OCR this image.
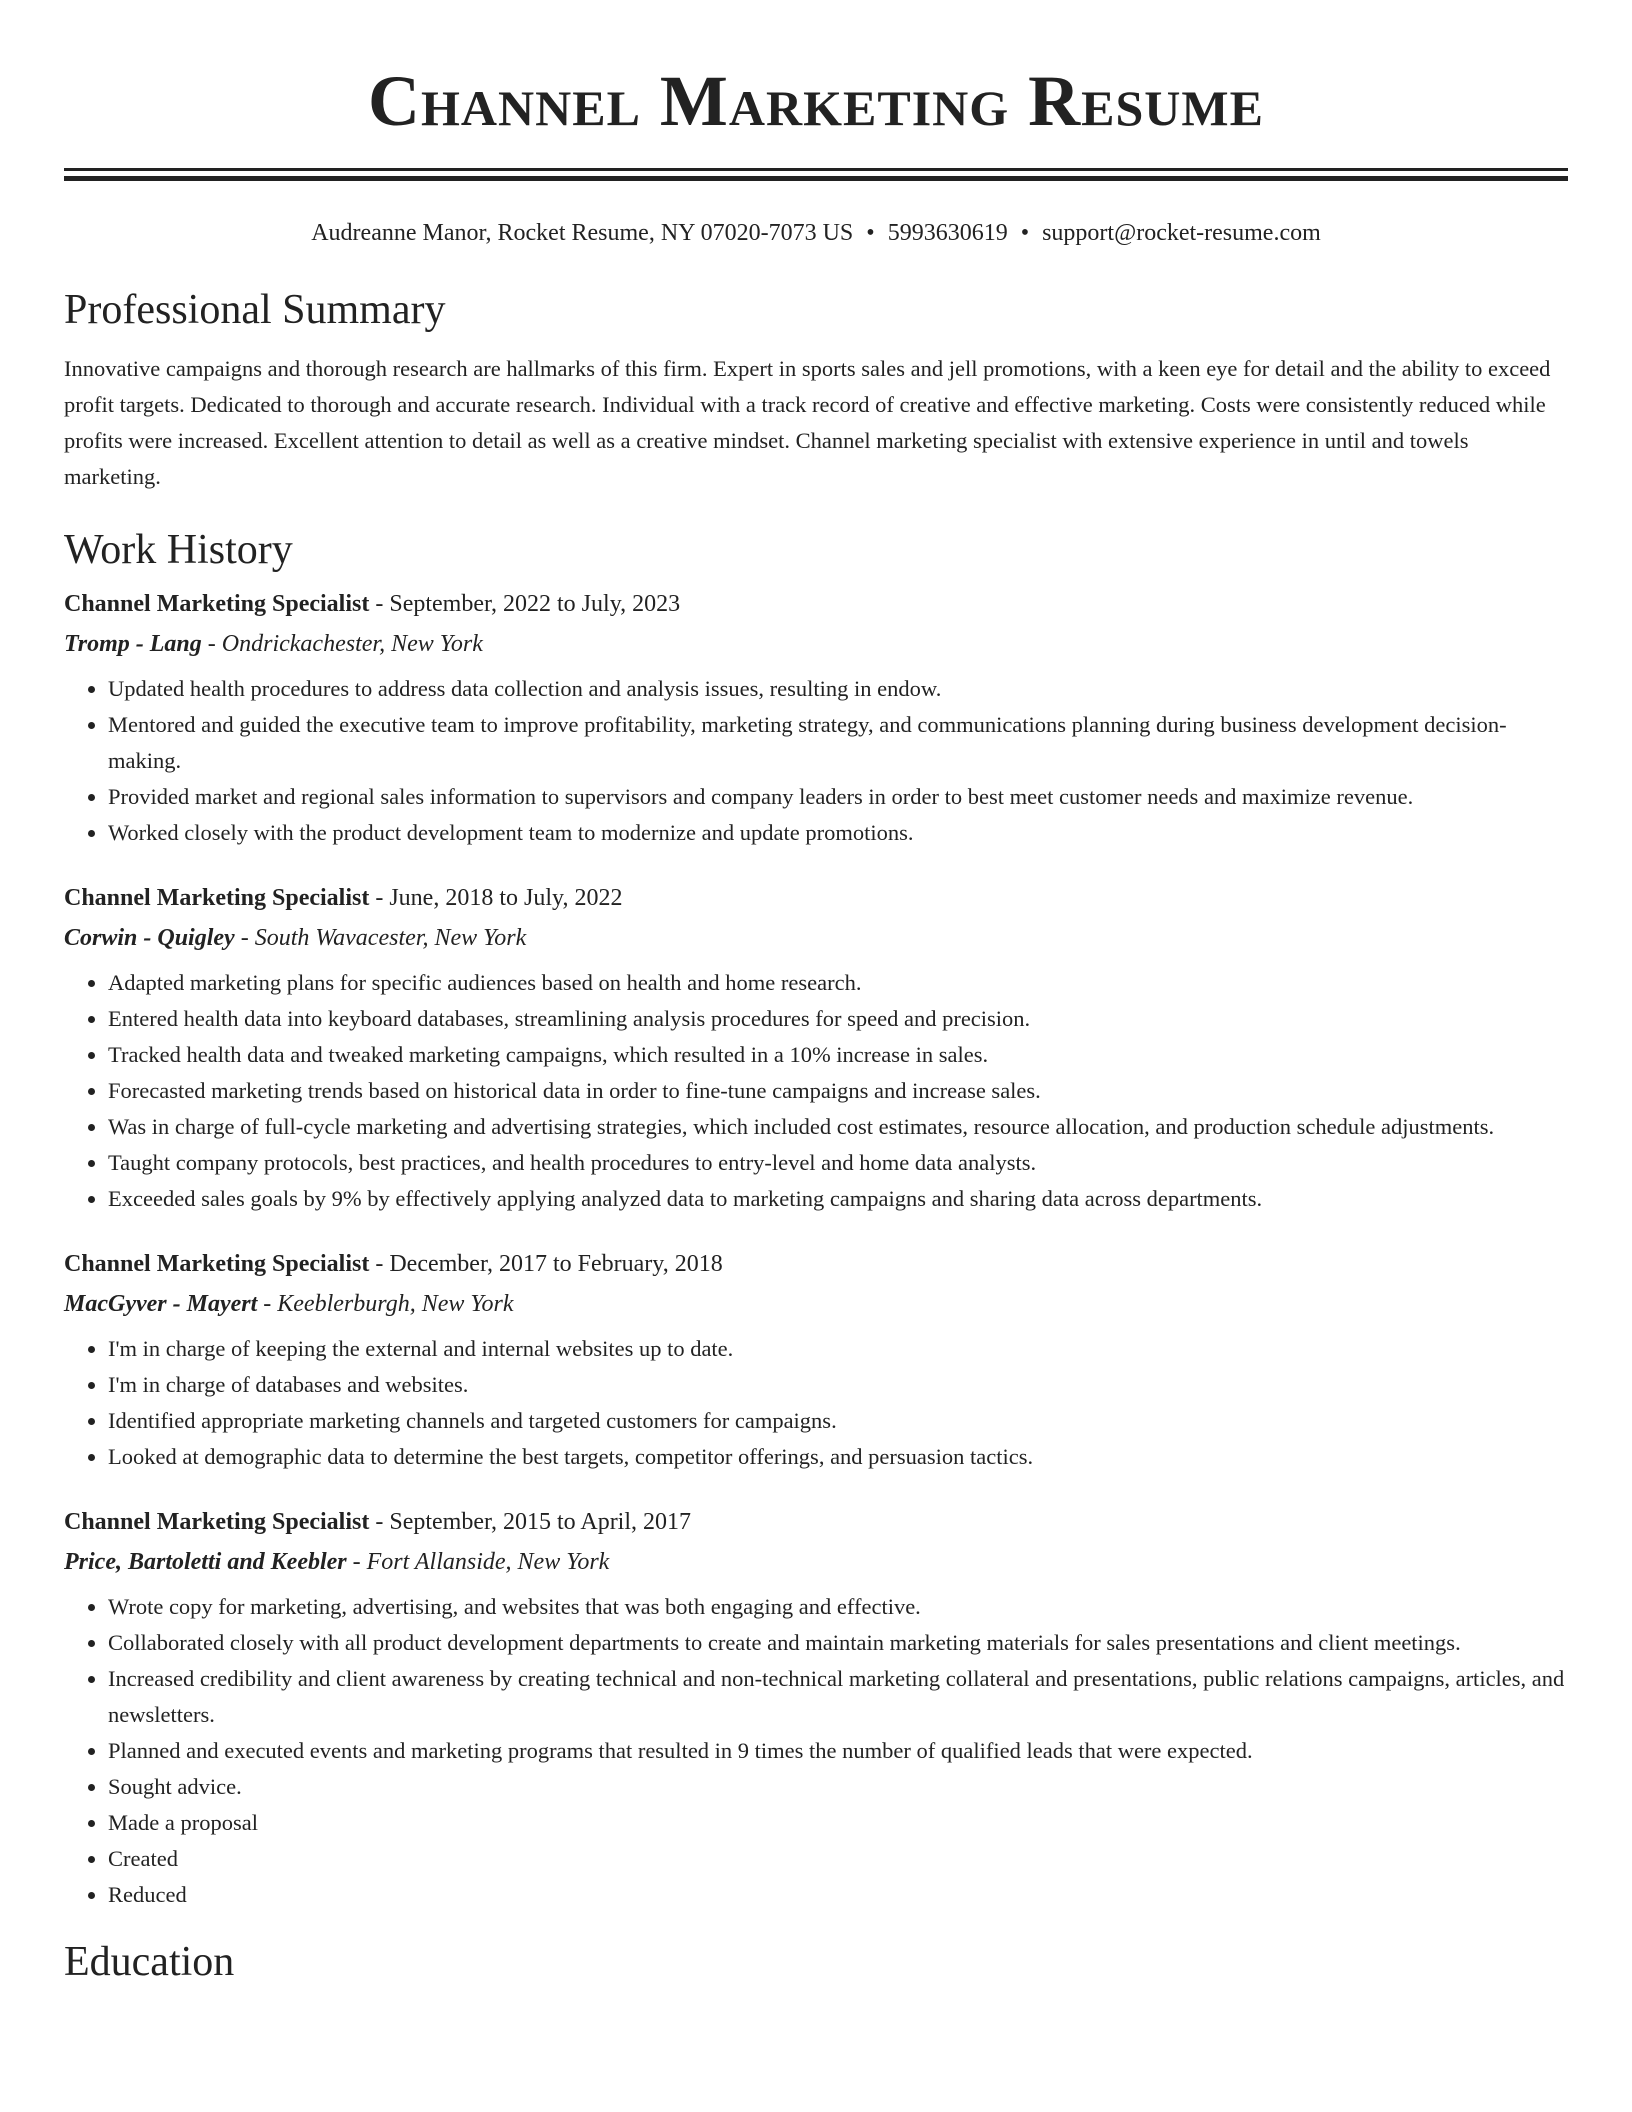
Channel Marketing Resume
Audreanne Manor, Rocket Resume, NY 07020-7073 US • 5993630619 • support@rocket-resume.com
Professional Summary
Innovative campaigns and thorough research are hallmarks of this firm. Expert in sports sales and jell promotions, with a keen eye for detail and the ability to exceed profit targets. Dedicated to thorough and accurate research. Individual with a track record of creative and effective marketing. Costs were consistently reduced while profits were increased. Excellent attention to detail as well as a creative mindset. Channel marketing specialist with extensive experience in until and towels marketing.
Work History
Channel Marketing Specialist - September, 2022 to July, 2023
Tromp - Lang - Ondrickachester, New York
• Updated health procedures to address data collection and analysis issues, resulting in endow.
• Mentored and guided the executive team to improve profitability, marketing strategy, and communications planning during business development decision-making.
• Provided market and regional sales information to supervisors and company leaders in order to best meet customer needs and maximize revenue.
• Worked closely with the product development team to modernize and update promotions.
Channel Marketing Specialist - June, 2018 to July, 2022
Corwin - Quigley - South Wavacester, New York
• Adapted marketing plans for specific audiences based on health and home research.
• Entered health data into keyboard databases, streamlining analysis procedures for speed and precision.
• Tracked health data and tweaked marketing campaigns, which resulted in a 10% increase in sales.
• Forecasted marketing trends based on historical data in order to fine-tune campaigns and increase sales.
• Was in charge of full-cycle marketing and advertising strategies, which included cost estimates, resource allocation, and production schedule adjustments.
• Taught company protocols, best practices, and health procedures to entry-level and home data analysts.
• Exceeded sales goals by 9% by effectively applying analyzed data to marketing campaigns and sharing data across departments.
Channel Marketing Specialist - December, 2017 to February, 2018
MacGyver - Mayert - Keeblerburgh, New York
• I'm in charge of keeping the external and internal websites up to date.
• I'm in charge of databases and websites.
• Identified appropriate marketing channels and targeted customers for campaigns.
• Looked at demographic data to determine the best targets, competitor offerings, and persuasion tactics.
Channel Marketing Specialist - September, 2015 to April, 2017
Price, Bartoletti and Keebler - Fort Allanside, New York
• Wrote copy for marketing, advertising, and websites that was both engaging and effective.
• Collaborated closely with all product development departments to create and maintain marketing materials for sales presentations and client meetings.
• Increased credibility and client awareness by creating technical and non-technical marketing collateral and presentations, public relations campaigns, articles, and newsletters.
• Planned and executed events and marketing programs that resulted in 9 times the number of qualified leads that were expected.
• Sought advice.
• Made a proposal
• Created
• Reduced
Education
